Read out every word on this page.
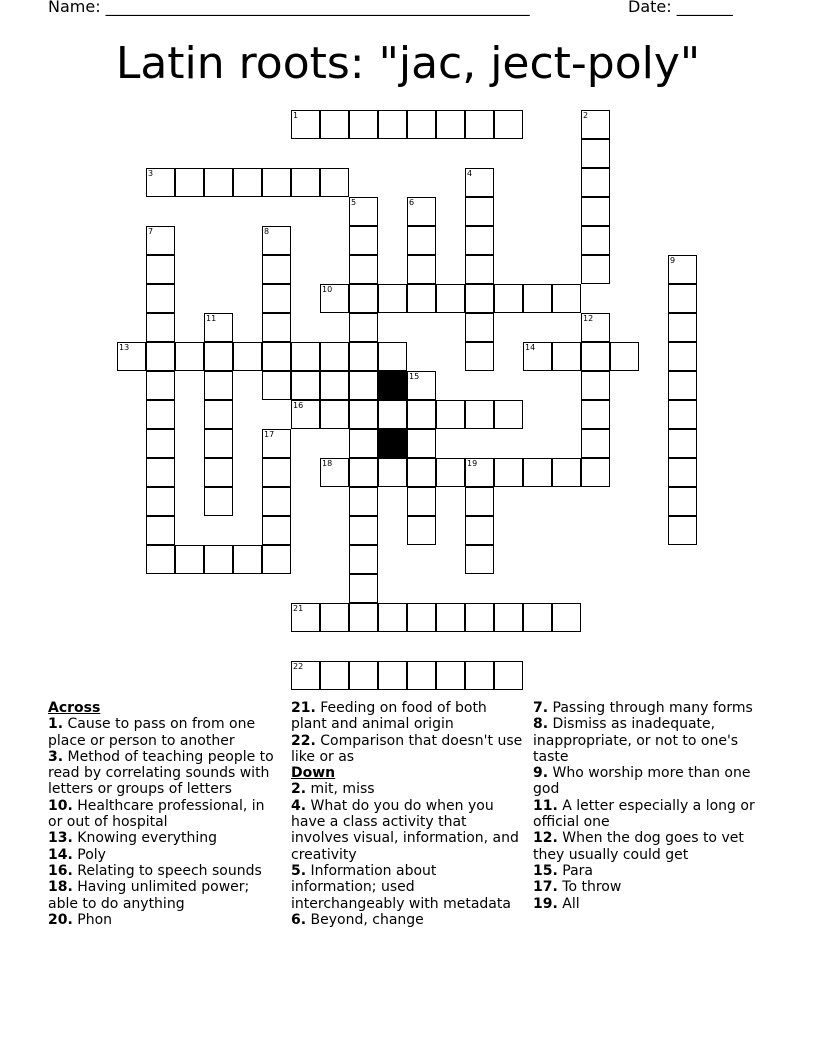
Name: _____________________________________________________	Date: _______
Latin roots: "jac, ject-poly"
1	2
3	4
5	6
7	8
9
10
11	12
13	14
15
16
17
18	19
21
22
Across
1. Cause to pass on from one place or person to another
3. Method of teaching people to read by correlating sounds with letters or groups of letters
10. Healthcare professional, in or out of hospital
13. Knowing everything
14. Poly
16. Relating to speech sounds
18. Having unlimited power; able to do anything
20. Phon
21. Feeding on food of both plant and animal origin
22. Comparison that doesn't use like or as
Down
2. mit, miss
4. What do you do when you have a class activity that involves visual, information, and creativity
5. Information about information; used interchangeably with metadata
6. Beyond, change
7. Passing through many forms
8. Dismiss as inadequate, inappropriate, or not to one's taste
9. Who worship more than one god
11. A letter especially a long or official one
12. When the dog goes to vet they usually could get
15. Para
17. To throw
19. All
